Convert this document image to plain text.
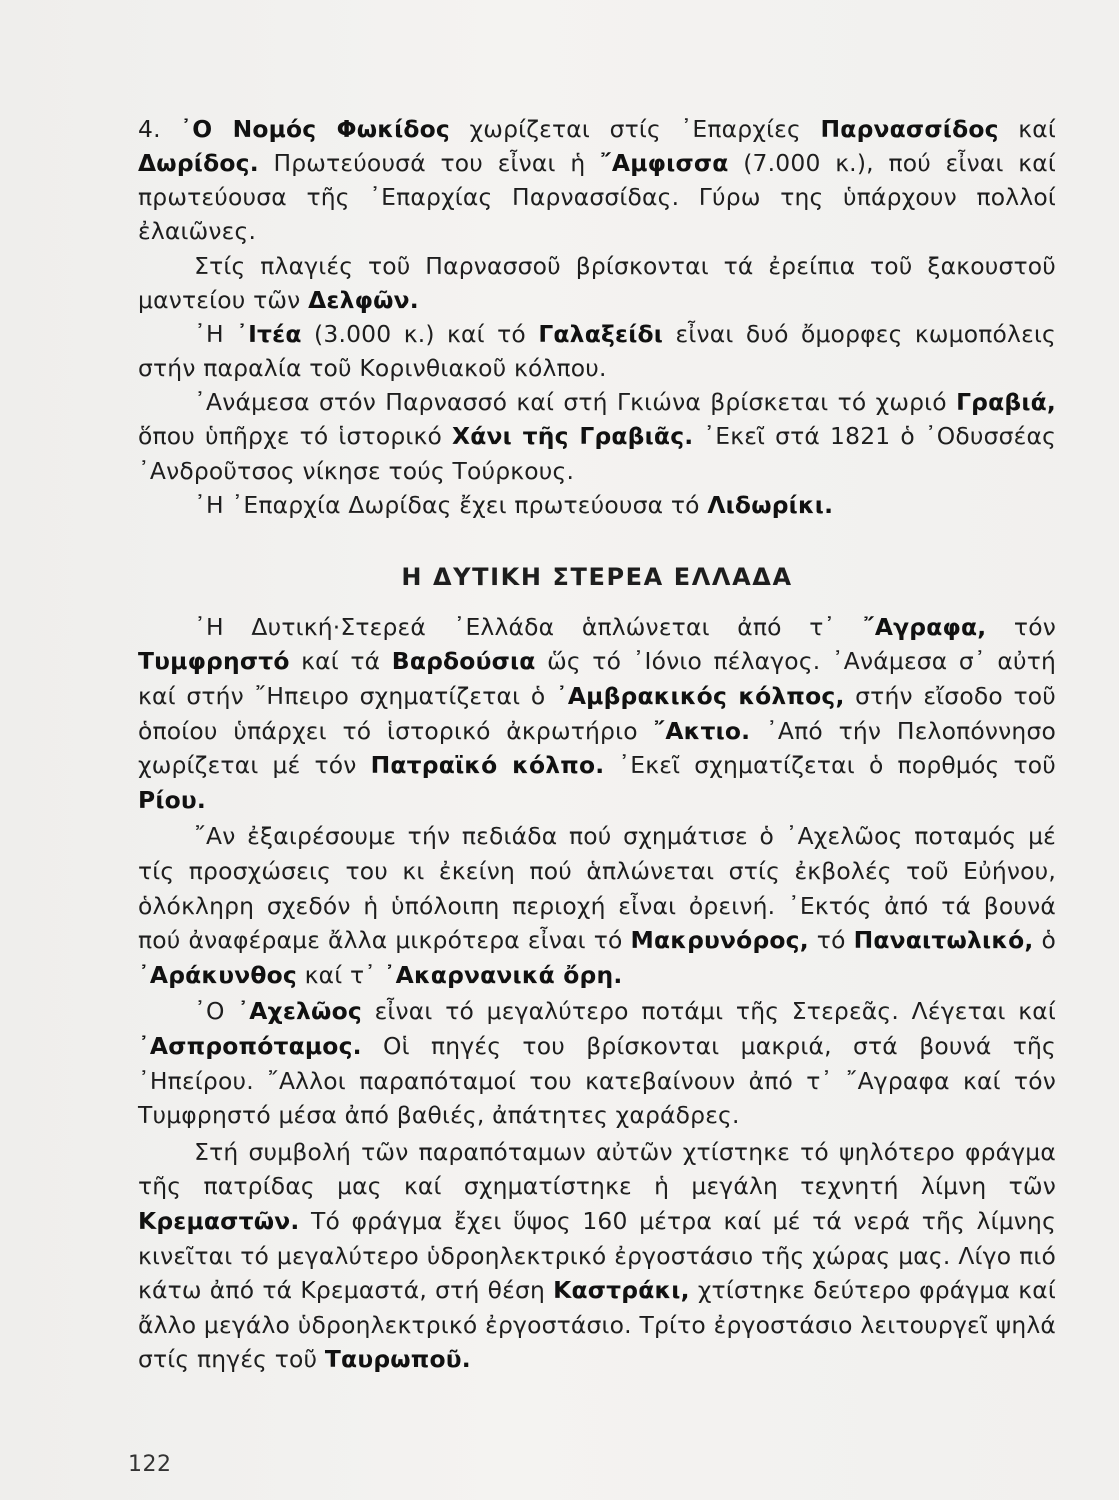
4. ᾿Ο Νομός Φωκίδος χωρίζεται στίς ᾿Επαρχίες Παρνασσίδος καί Δωρίδος. Πρωτεύουσά του εἶναι ἡ ῎Αμφισσα (7.000 κ.), πού εἶναι καί πρωτεύουσα τῆς ᾿Επαρχίας Παρνασσίδας. Γύρω της ὑπάρχουν πολλοί ἐλαιῶνες.

Στίς πλαγιές τοῦ Παρνασσοῦ βρίσκονται τά ἐρείπια τοῦ ξακουστοῦ μαντείου τῶν Δελφῶν.

᾿Η ᾿Ιτέα (3.000 κ.) καί τό Γαλαξείδι εἶναι δυό ὄμορφες κωμοπόλεις στήν παραλία τοῦ Κορινθιακοῦ κόλπου.

᾿Ανάμεσα στόν Παρνασσό καί στή Γκιώνα βρίσκεται τό χωριό Γραβιά, ὅπου ὑπῆρχε τό ἱστορικό Χάνι τῆς Γραβιᾶς. ᾿Εκεῖ στά 1821 ὁ ᾿Οδυσσέας ᾿Ανδροῦτσος νίκησε τούς Τούρκους.

᾿Η ᾿Επαρχία Δωρίδας ἔχει πρωτεύουσα τό Λιδωρίκι.

Η ΔΥΤΙΚΗ ΣΤΕΡΕΑ ΕΛΛΑΔΑ

᾿Η Δυτική·Στερεά ᾿Ελλάδα ἁπλώνεται ἀπό τ᾿ ῎Αγραφα, τόν Τυμφρηστό καί τά Βαρδούσια ὥς τό ᾿Ιόνιο πέλαγος. ᾿Ανάμεσα σ᾿ αὐτή καί στήν ῎Ηπειρο σχηματίζεται ὁ ᾿Αμβρακικός κόλπος, στήν εἴσοδο τοῦ ὁποίου ὑπάρχει τό ἱστορικό ἀκρωτήριο ῎Ακτιο. ᾿Από τήν Πελοπόννησο χωρίζεται μέ τόν Πατραϊκό κόλπο. ᾿Εκεῖ σχηματίζεται ὁ πορθμός τοῦ Ρίου.

῎Αν ἐξαιρέσουμε τήν πεδιάδα πού σχημάτισε ὁ ᾿Αχελῶος ποταμός μέ τίς προσχώσεις του κι ἐκείνη πού ἁπλώνεται στίς ἐκβολές τοῦ Εὐήνου, ὁλόκληρη σχεδόν ἡ ὑπόλοιπη περιοχή εἶναι ὀρεινή. ᾿Εκτός ἀπό τά βουνά πού ἀναφέραμε ἄλλα μικρότερα εἶναι τό Μακρυνόρος, τό Παναιτωλικό, ὁ ᾿Αράκυνθος καί τ᾿ ᾿Ακαρνανικά ὄρη.

᾿Ο ᾿Αχελῶος εἶναι τό μεγαλύτερο ποτάμι τῆς Στερεᾶς. Λέγεται καί ᾿Ασπροπόταμος. Οἱ πηγές του βρίσκονται μακριά, στά βουνά τῆς ᾿Ηπείρου. ῎Αλλοι παραπόταμοί του κατεβαίνουν ἀπό τ᾿ ῎Αγραφα καί τόν Τυμφρηστό μέσα ἀπό βαθιές, ἀπάτητες χαράδρες.

Στή συμβολή τῶν παραπόταμων αὐτῶν χτίστηκε τό ψηλότερο φράγμα τῆς πατρίδας μας καί σχηματίστηκε ἡ μεγάλη τεχνητή λίμνη τῶν Κρεμαστῶν. Τό φράγμα ἔχει ὕψος 160 μέτρα καί μέ τά νερά τῆς λίμνης κινεῖται τό μεγαλύτερο ὑδροηλεκτρικό ἐργοστάσιο τῆς χώρας μας. Λίγο πιό κάτω ἀπό τά Κρεμαστά, στή θέση Καστράκι, χτίστηκε δεύτερο φράγμα καί ἄλλο μεγάλο ὑδροηλεκτρικό ἐργοστάσιο. Τρίτο ἐργοστάσιο λειτουργεῖ ψηλά στίς πηγές τοῦ Ταυρωποῦ.

122
